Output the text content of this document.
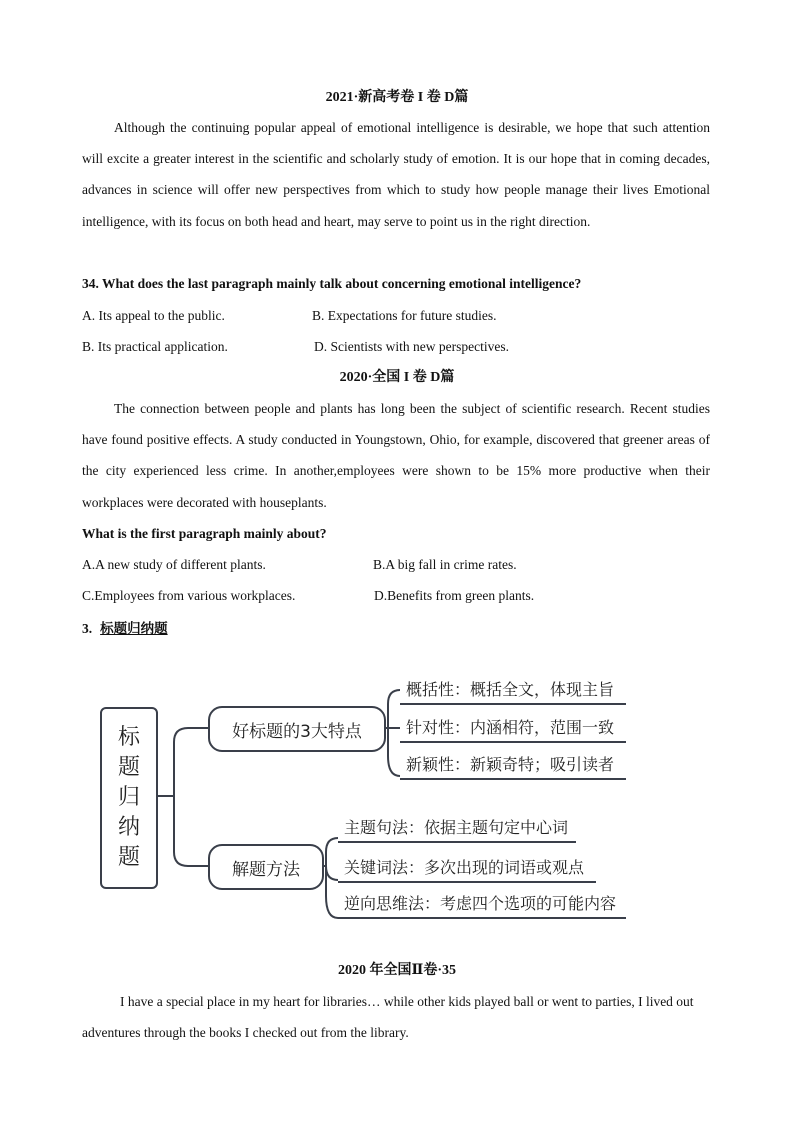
2021·新高考卷 I 卷 D篇

Although the continuing popular appeal of emotional intelligence is desirable, we hope that such attention will excite a greater interest in the scientific and scholarly study of emotion. It is our hope that in coming decades, advances in science will offer new perspectives from which to study how people manage their lives Emotional intelligence, with its focus on both head and heart, may serve to point us in the right direction.

34. What does the last paragraph mainly talk about concerning emotional intelligence?
A. Its appeal to the public.	B. Expectations for future studies.
B. Its practical application.	D. Scientists with new perspectives.
2020·全国 I 卷 D篇

The connection between people and plants has long been the subject of scientific research. Recent studies have found positive effects. A study conducted in Youngstown, Ohio, for example, discovered that greener areas of the city experienced less crime. In another,employees were shown to be 15% more productive when their workplaces were decorated with houseplants.

What is the first paragraph mainly about?
A.A new study of different plants.	B.A big fall in crime rates.
C.Employees from various workplaces.	D.Benefits from green plants.
3. 标题归纳题
标
题
归
纳
题
好标题的3大特点
解题方法
概括性：概括全文，体现主旨
针对性：内涵相符，范围一致
新颖性：新颖奇特；吸引读者
主题句法：依据主题句定中心词
关键词法：多次出现的词语或观点
逆向思维法：考虑四个选项的可能内容
2020 年全国Ⅱ卷·35

I have a special place in my heart for libraries… while other kids played ball or went to parties, I lived out adventures through the books I checked out from the library.
